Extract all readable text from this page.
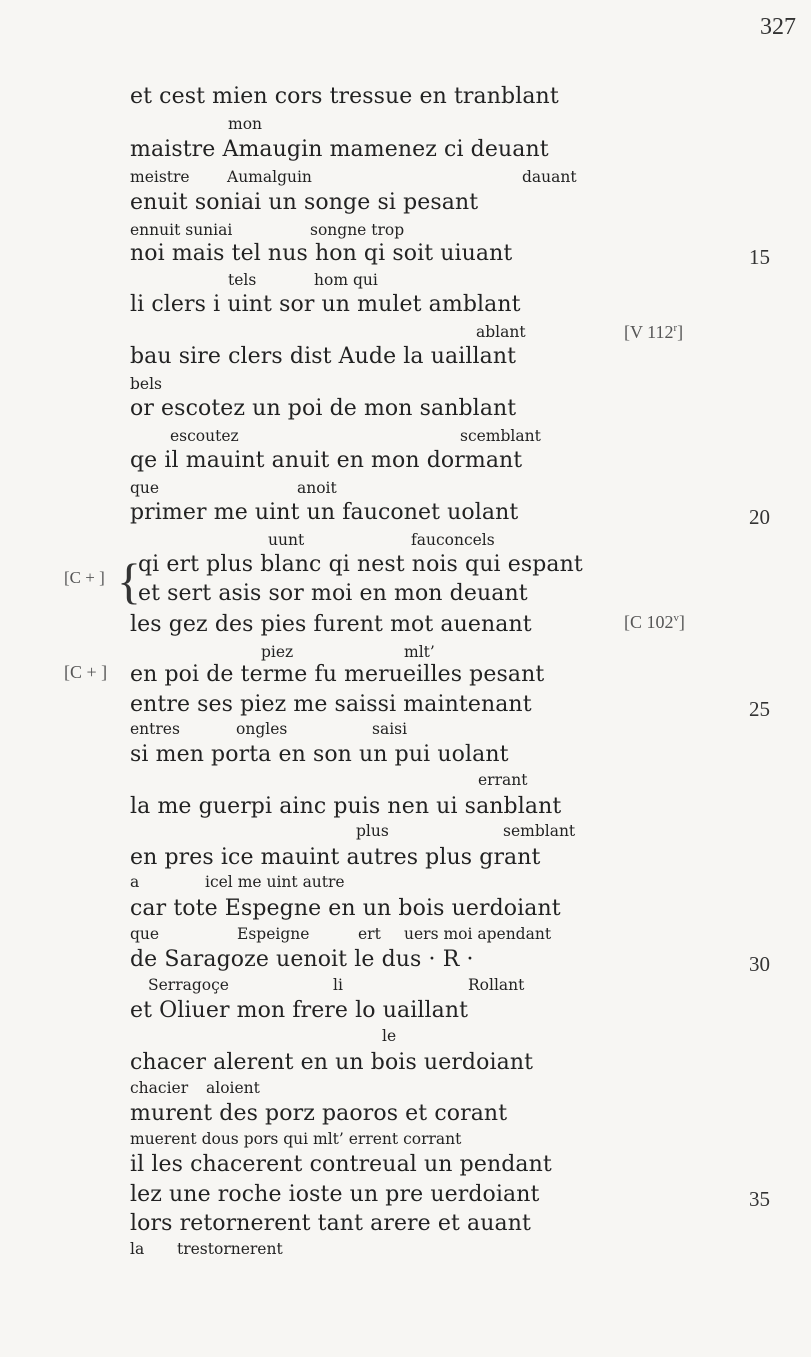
327
et cest mien cors tressue en tranblant
mon
maistre Amaugin mamenez ci deuant
meistre Aumalguin	dauant
enuit soniai un songe si pesant
ennuit suniai	songne trop
noi mais tel nus hon qi soit uiuant	15
tels	hom qui
li clers i uint sor un mulet amblant
ablant	[V 112$^r$]
bau sire clers dist Aude la uaillant
bels
or escotez un poi de mon sanblant
escoutez	scemblant
qe il mauint anuit en mon dormant
que	anoit
primer me uint un fauconet uolant	20
uunt	fauconcels
[C + ] {
qi ert plus blanc qi nest nois qui espant
et sert asis sor moi en mon deuant
les gez des pies furent mot auenant	[C 102$^v$]
piez	mlt’
[C + ] en poi de terme fu merueilles pesant
entre ses piez me saissi maintenant	25
entres	ongles	saisi
si men porta en son un pui uolant
errant
la me guerpi ainc puis nen ui sanblant
plus	semblant
en pres ice mauint autres plus grant
a	icel me uint autre
car tote Espegne en un bois uerdoiant
que	Espeigne	ert uers moi apendant
de Saragoze uenoit le dus · R ·	30
Serragoçe	li	Rollant
et Oliuer mon frere lo uaillant
le
chacer alerent en un bois uerdoiant
chacier aloient
murent des porz paoros et corant
muerent dous pors qui mlt’ errent corrant
il les chacerent contreual un pendant
lez une roche ioste un pre uerdoiant	35
lors retornerent tant arere et auant
la trestornerent
